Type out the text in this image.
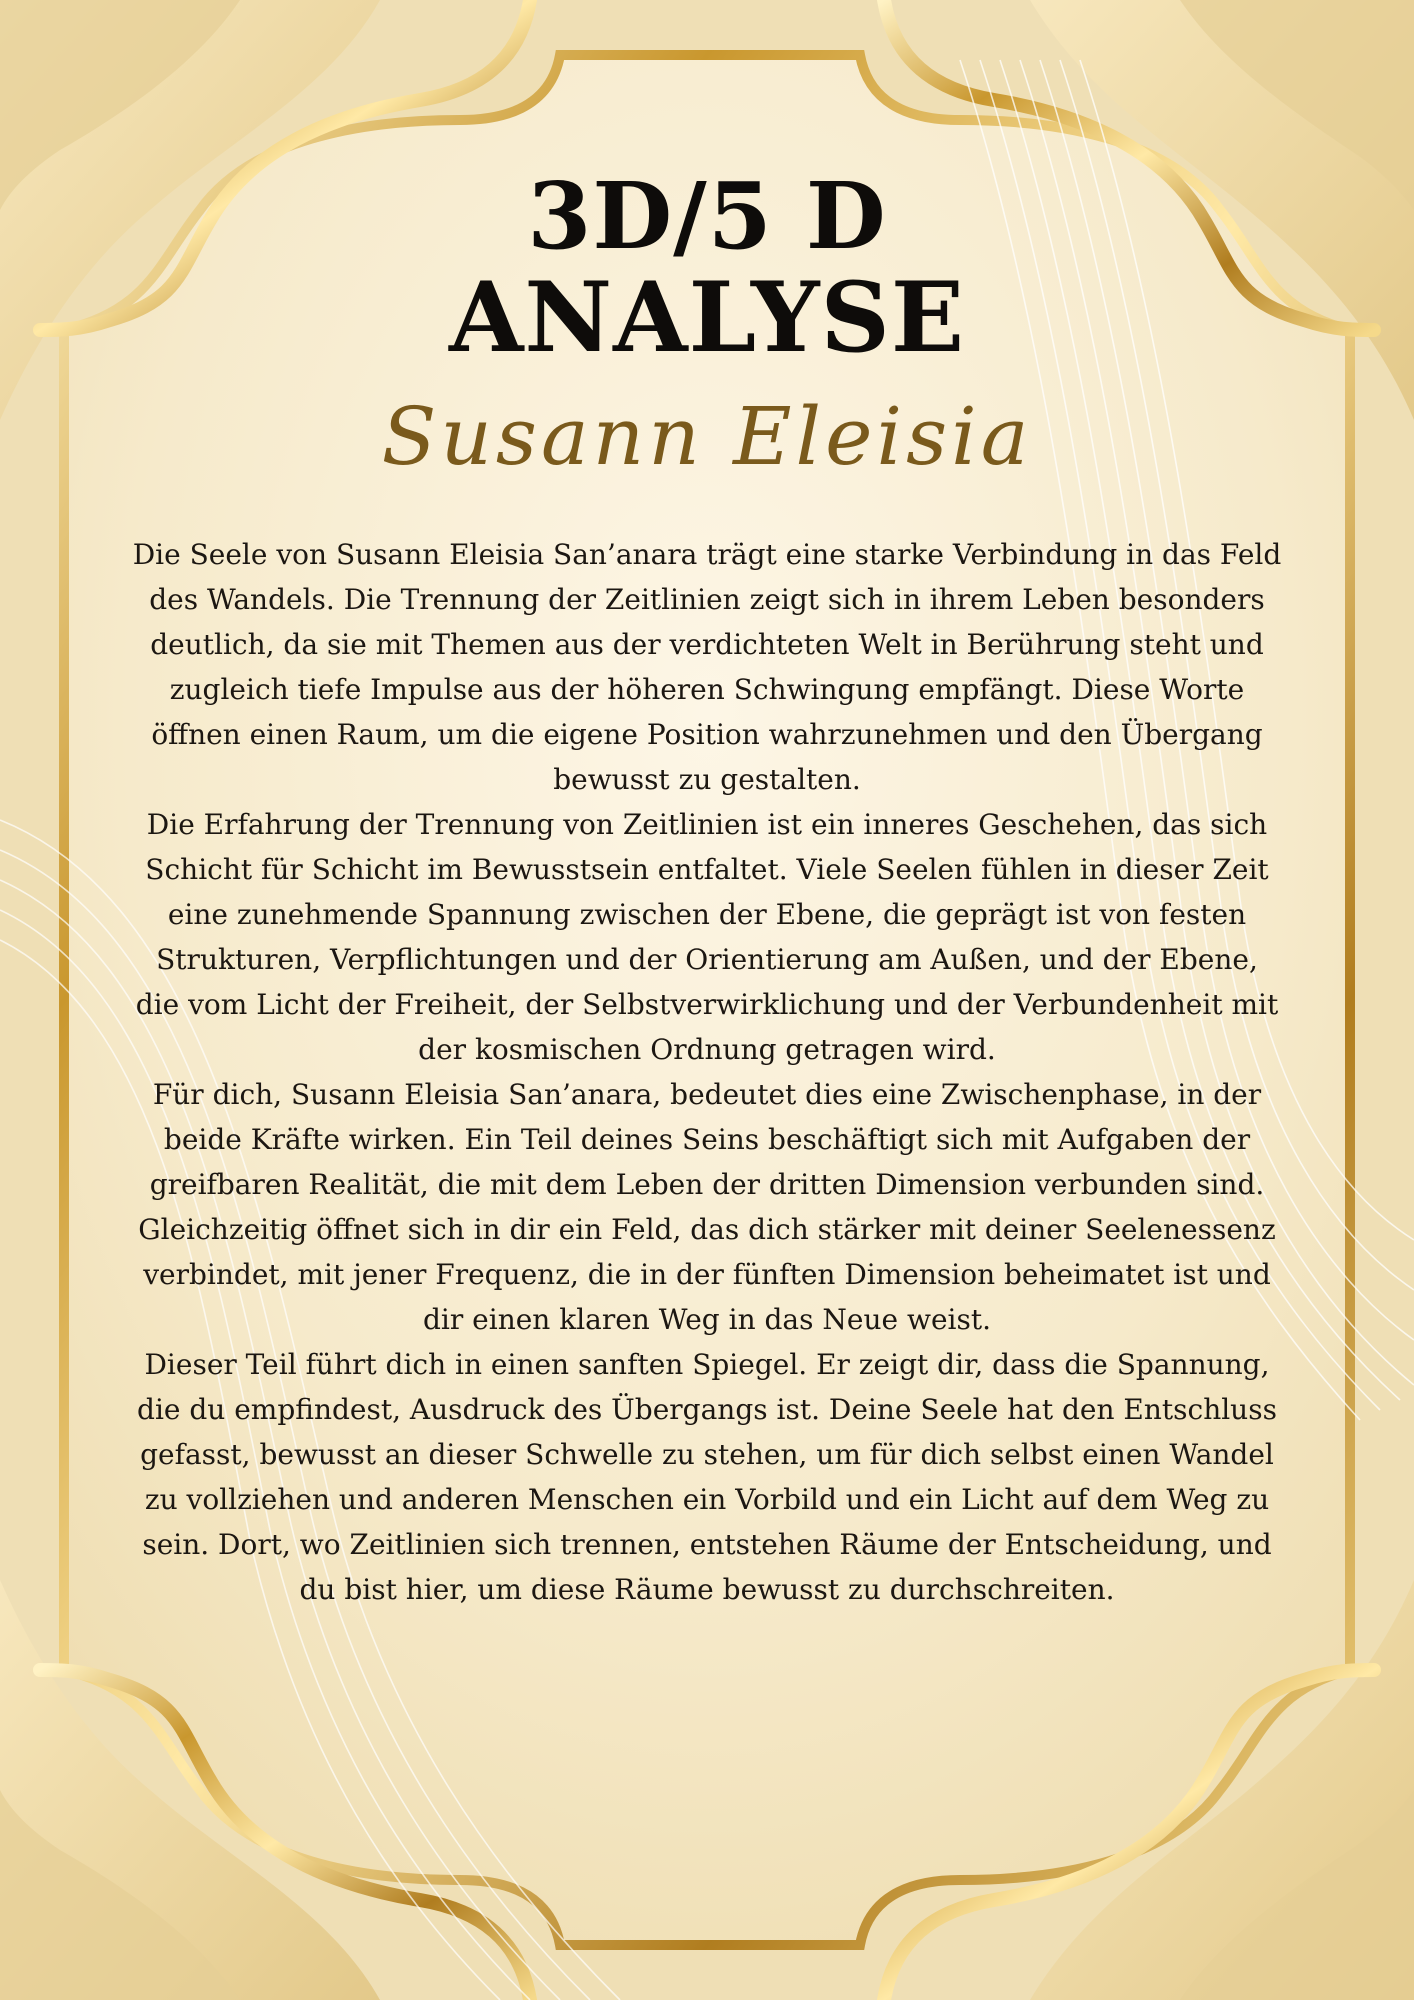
3D/5 D
ANALYSE
Susann Eleisia

Die Seele von Susann Eleisia San’anara trägt eine starke Verbindung in das Feld des Wandels. Die Trennung der Zeitlinien zeigt sich in ihrem Leben besonders deutlich, da sie mit Themen aus der verdichteten Welt in Berührung steht und zugleich tiefe Impulse aus der höheren Schwingung empfängt. Diese Worte öffnen einen Raum, um die eigene Position wahrzunehmen und den Übergang bewusst zu gestalten.

Die Erfahrung der Trennung von Zeitlinien ist ein inneres Geschehen, das sich Schicht für Schicht im Bewusstsein entfaltet. Viele Seelen fühlen in dieser Zeit eine zunehmende Spannung zwischen der Ebene, die geprägt ist von festen Strukturen, Verpflichtungen und der Orientierung am Außen, und der Ebene, die vom Licht der Freiheit, der Selbstverwirklichung und der Verbundenheit mit der kosmischen Ordnung getragen wird.

Für dich, Susann Eleisia San’anara, bedeutet dies eine Zwischenphase, in der beide Kräfte wirken. Ein Teil deines Seins beschäftigt sich mit Aufgaben der greifbaren Realität, die mit dem Leben der dritten Dimension verbunden sind. Gleichzeitig öffnet sich in dir ein Feld, das dich stärker mit deiner Seelenessenz verbindet, mit jener Frequenz, die in der fünften Dimension beheimatet ist und dir einen klaren Weg in das Neue weist.

Dieser Teil führt dich in einen sanften Spiegel. Er zeigt dir, dass die Spannung, die du empfindest, Ausdruck des Übergangs ist. Deine Seele hat den Entschluss gefasst, bewusst an dieser Schwelle zu stehen, um für dich selbst einen Wandel zu vollziehen und anderen Menschen ein Vorbild und ein Licht auf dem Weg zu sein. Dort, wo Zeitlinien sich trennen, entstehen Räume der Entscheidung, und du bist hier, um diese Räume bewusst zu durchschreiten.
